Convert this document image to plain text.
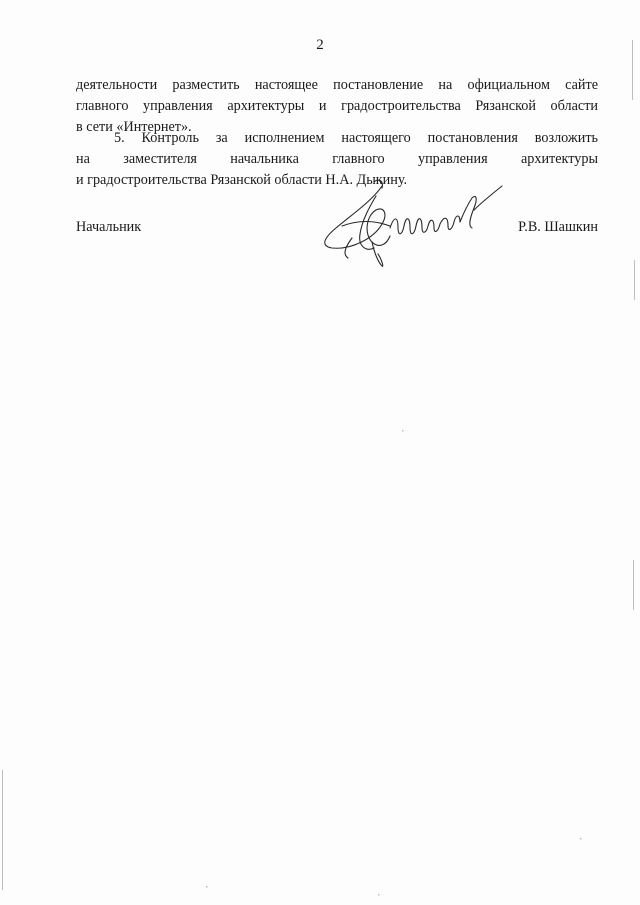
2

деятельности разместить настоящее постановление на официальном сайте
главного управления архитектуры и градостроительства Рязанской области
в сети «Интернет».

5. Контроль за исполнением настоящего постановления возложить
на заместителя начальника главного управления архитектуры
и градостроительства Рязанской области Н.А. Дыкину.

Начальник	Р.В. Шашкин
